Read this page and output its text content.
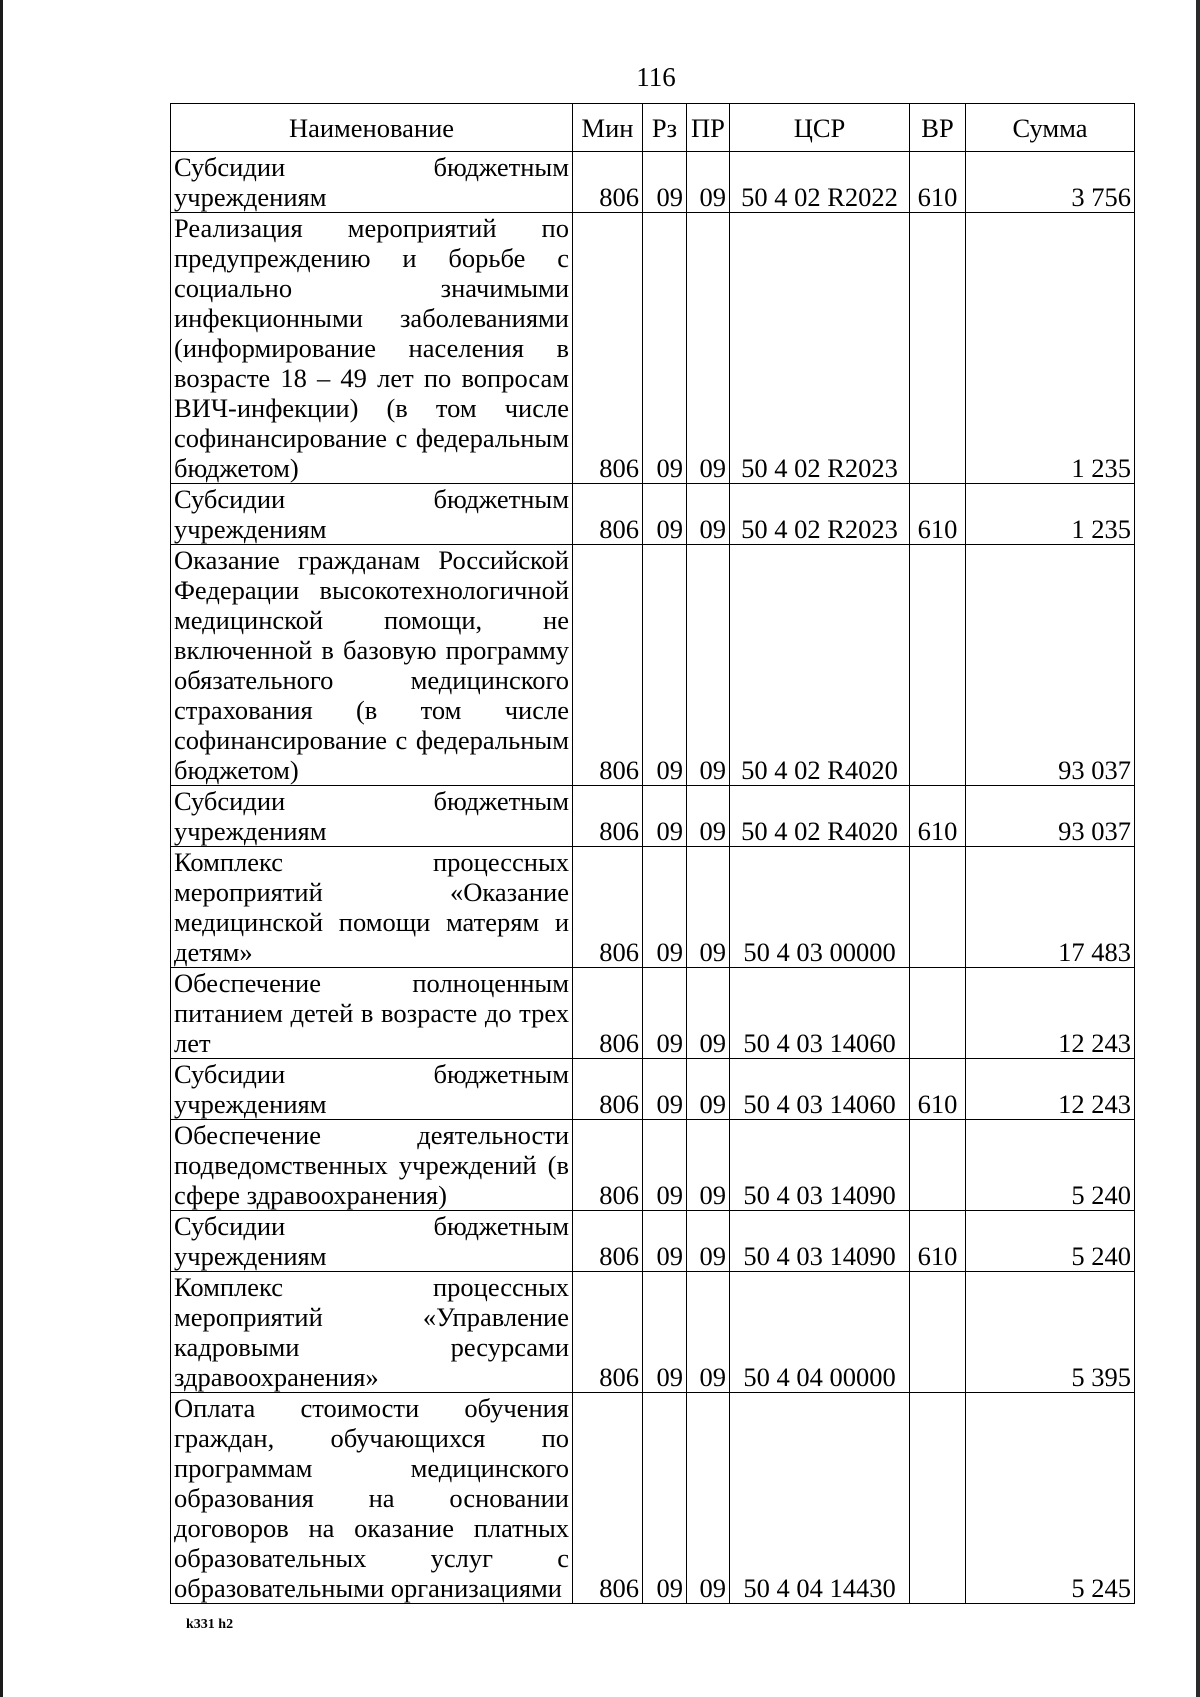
116
Наименование	Мин	Рз	ПР	ЦСР	ВР	Сумма
Субсидии бюджетным учреждениям	806	09	09	50 4 02 R2022	610	3 756
Реализация мероприятий по предупреждению и борьбе с социально значимыми инфекционными заболеваниями (информирование населения в возрасте 18 – 49 лет по вопросам ВИЧ-инфекции) (в том числе софинансирование с федеральным бюджетом)	806	09	09	50 4 02 R2023		1 235
Субсидии бюджетным учреждениям	806	09	09	50 4 02 R2023	610	1 235
Оказание гражданам Российской Федерации высокотехнологичной медицинской помощи, не включенной в базовую программу обязательного медицинского страхования (в том числе софинансирование с федеральным бюджетом)	806	09	09	50 4 02 R4020		93 037
Субсидии бюджетным учреждениям	806	09	09	50 4 02 R4020	610	93 037
Комплекс процессных мероприятий «Оказание медицинской помощи матерям и детям»	806	09	09	50 4 03 00000		17 483
Обеспечение полноценным питанием детей в возрасте до трех лет	806	09	09	50 4 03 14060		12 243
Субсидии бюджетным учреждениям	806	09	09	50 4 03 14060	610	12 243
Обеспечение деятельности подведомственных учреждений (в сфере здравоохранения)	806	09	09	50 4 03 14090		5 240
Субсидии бюджетным учреждениям	806	09	09	50 4 03 14090	610	5 240
Комплекс процессных мероприятий «Управление кадровыми ресурсами здравоохранения»	806	09	09	50 4 04 00000		5 395
Оплата стоимости обучения граждан, обучающихся по программам медицинского образования на основании договоров на оказание платных образовательных услуг с образовательными организациями	806	09	09	50 4 04 14430		5 245
k331 h2
